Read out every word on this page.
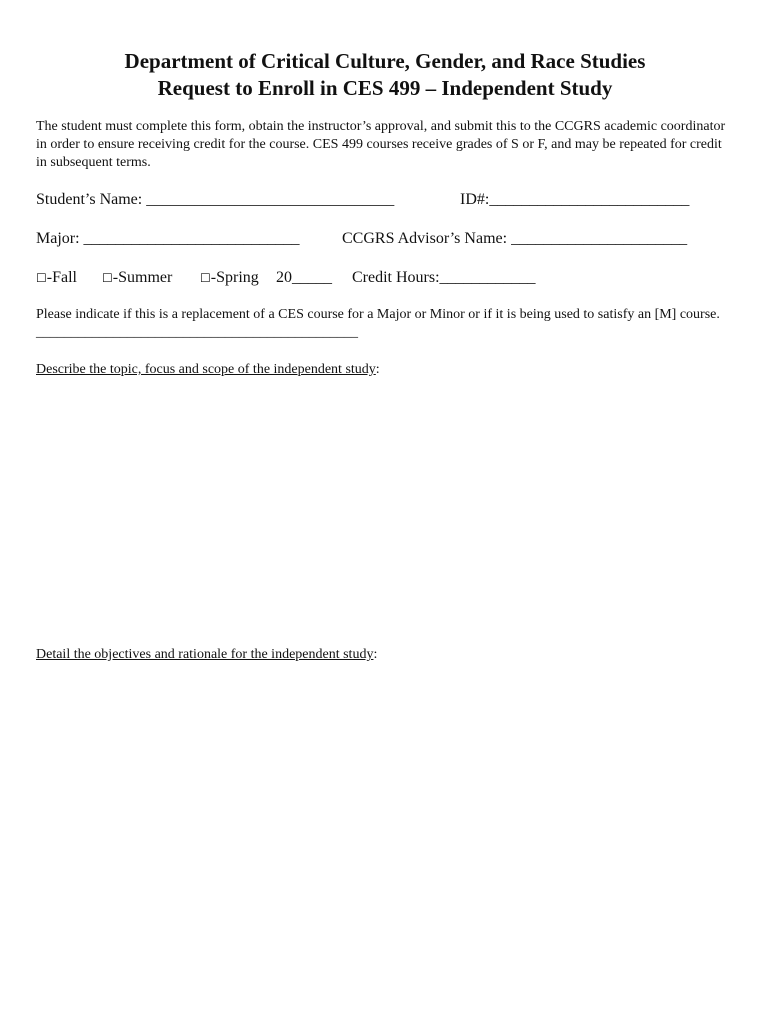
Department of Critical Culture, Gender, and Race Studies
Request to Enroll in CES 499 – Independent Study
The student must complete this form, obtain the instructor’s approval, and submit this to the CCGRS academic coordinator in order to ensure receiving credit for the course. CES 499 courses receive grades of S or F, and may be repeated for credit in subsequent terms.
Student’s Name: _______________________________	ID#:_________________________
Major: ___________________________	CCGRS Advisor’s Name: ______________________
☐-Fall ☐-Summer ☐-Spring 20_____ Credit Hours:____________
Please indicate if this is a replacement of a CES course for a Major or Minor or if it is being used to satisfy an [M] course. ______________________________________________
Describe the topic, focus and scope of the independent study:
Detail the objectives and rationale for the independent study:
